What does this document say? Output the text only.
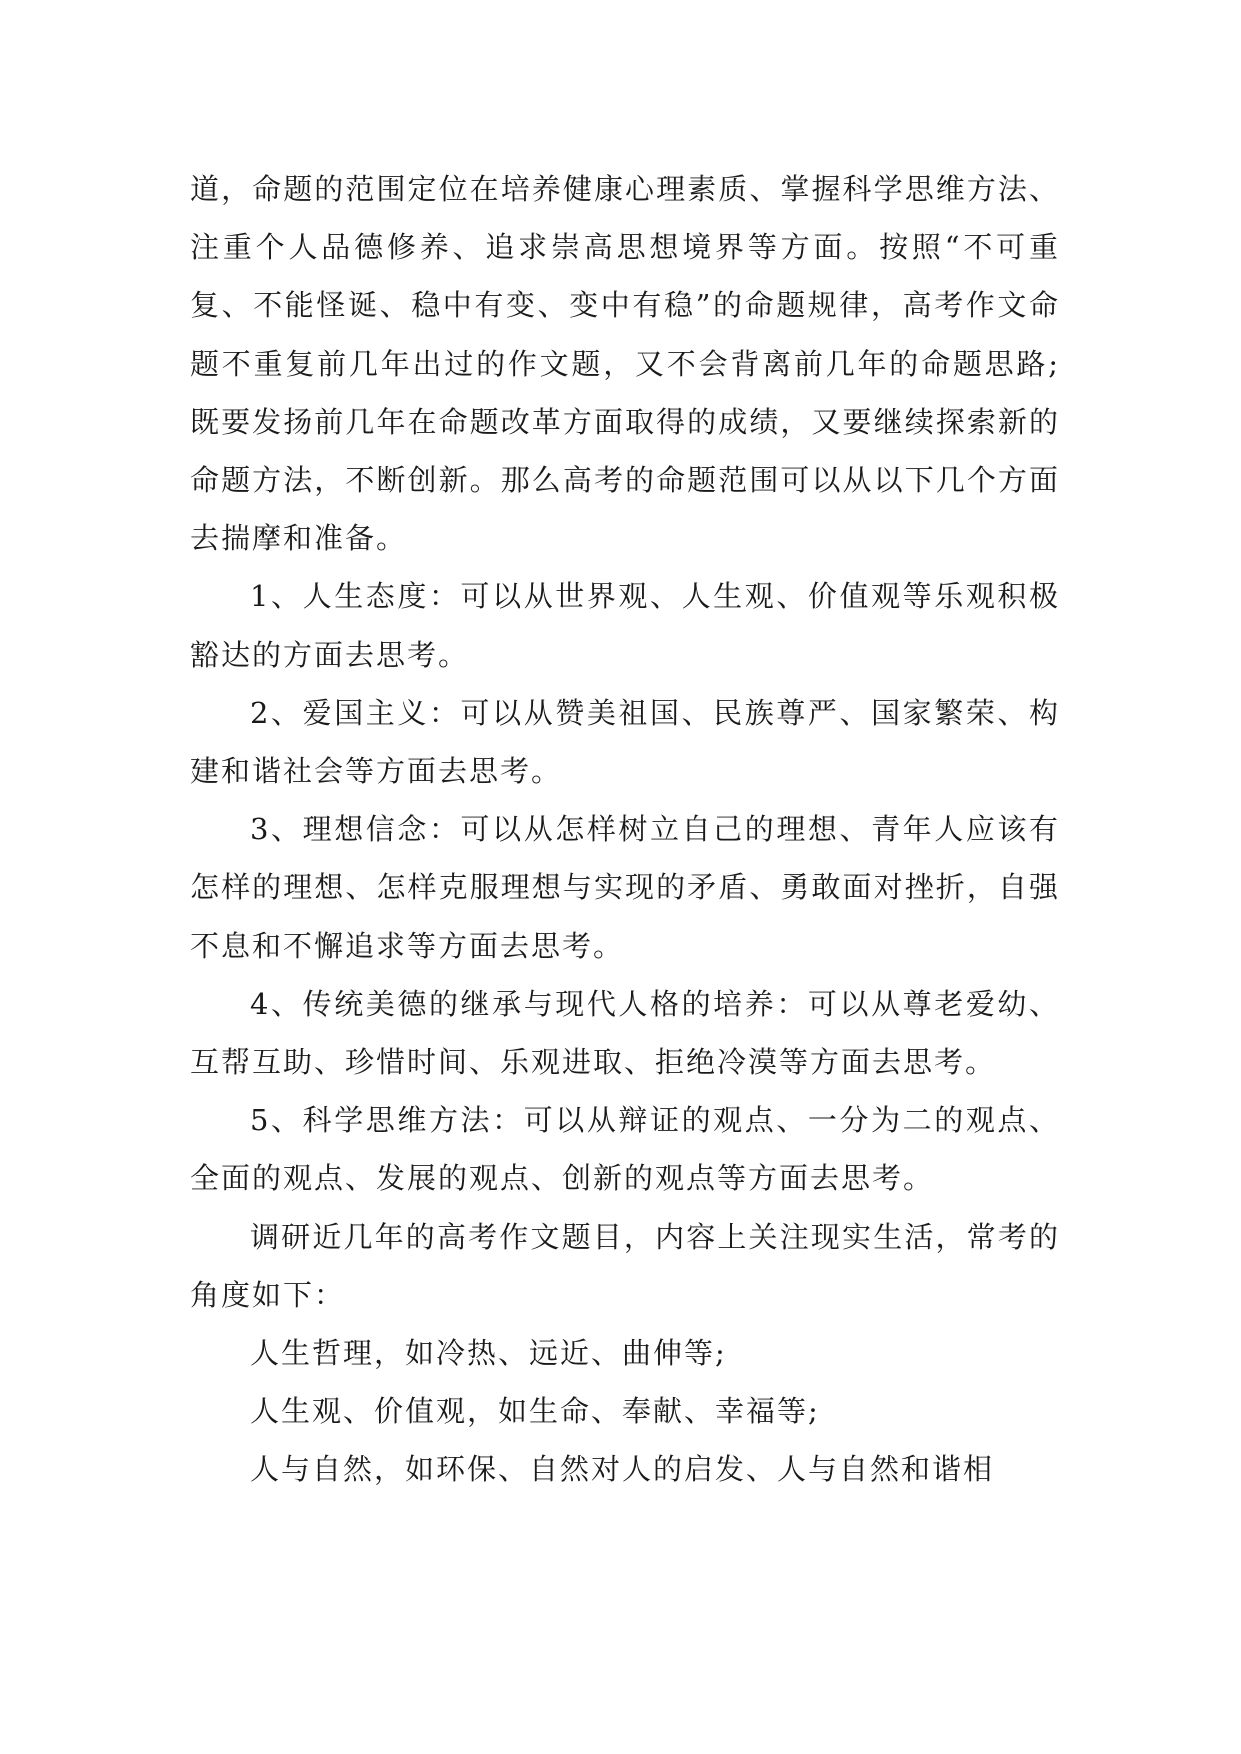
道，命题的范围定位在培养健康心理素质、掌握科学思维方法、注重个人品德修养、追求崇高思想境界等方面。按照“不可重复、不能怪诞、稳中有变、变中有稳”的命题规律，高考作文命题不重复前几年出过的作文题，又不会背离前几年的命题思路;既要发扬前几年在命题改革方面取得的成绩，又要继续探索新的命题方法，不断创新。那么高考的命题范围可以从以下几个方面去揣摩和准备。

1、人生态度：可以从世界观、人生观、价值观等乐观积极豁达的方面去思考。

2、爱国主义：可以从赞美祖国、民族尊严、国家繁荣、构建和谐社会等方面去思考。

3、理想信念：可以从怎样树立自己的理想、青年人应该有怎样的理想、怎样克服理想与实现的矛盾、勇敢面对挫折，自强不息和不懈追求等方面去思考。

4、传统美德的继承与现代人格的培养：可以从尊老爱幼、互帮互助、珍惜时间、乐观进取、拒绝冷漠等方面去思考。

5、科学思维方法：可以从辩证的观点、一分为二的观点、全面的观点、发展的观点、创新的观点等方面去思考。

调研近几年的高考作文题目，内容上关注现实生活，常考的角度如下：

人生哲理，如冷热、远近、曲伸等;

人生观、价值观，如生命、奉献、幸福等;

人与自然，如环保、自然对人的启发、人与自然和谐相
